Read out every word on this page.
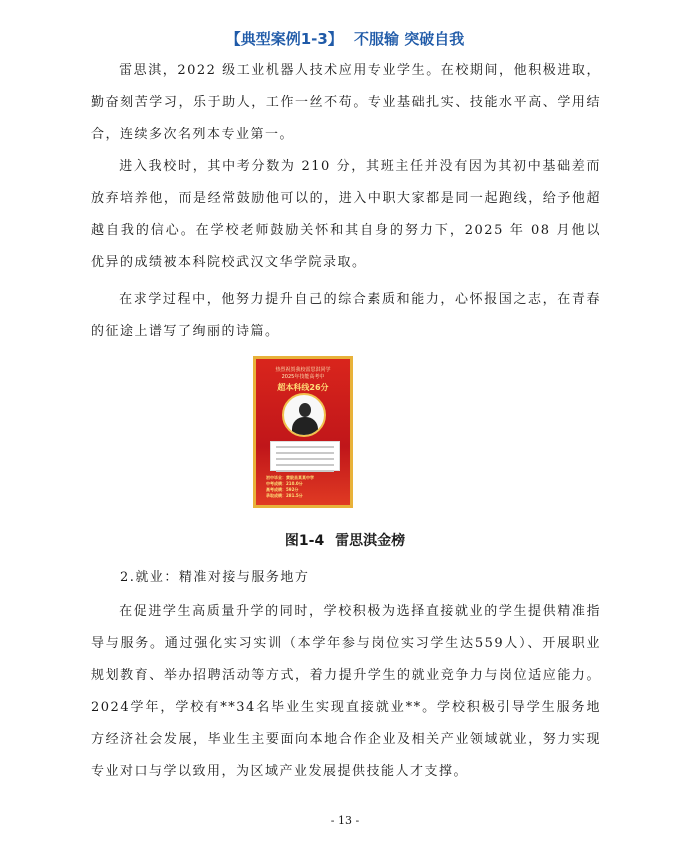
【典型案例1-3】 不服输 突破自我

雷思淇，2022 级工业机器人技术应用专业学生。在校期间，他积极进取，勤奋刻苦学习，乐于助人，工作一丝不苟。专业基础扎实、技能水平高、学用结合，连续多次名列本专业第一。

进入我校时，其中考分数为 210 分，其班主任并没有因为其初中基础差而放弃培养他，而是经常鼓励他可以的，进入中职大家都是同一起跑线，给予他超越自我的信心。在学校老师鼓励关怀和其自身的努力下，2025 年 08 月他以优异的成绩被本科院校武汉文华学院录取。

在求学过程中，他努力提升自己的综合素质和能力，心怀报国之志，在青春的征途上谱写了绚丽的诗篇。

热烈祝贺我校雷思淇同学
2025年技能高考中
超本科线26分
初中毕业：黄陂县某某中学
中考成绩：210.0分
高考成绩：592分
录取成绩：281.5分
图1-4 雷思淇金榜
2.就业：精准对接与服务地方

在促进学生高质量升学的同时，学校积极为选择直接就业的学生提供精准指导与服务。通过强化实习实训（本学年参与岗位实习学生达559人）、开展职业规划教育、举办招聘活动等方式，着力提升学生的就业竞争力与岗位适应能力。2024学年，学校有**34名毕业生实现直接就业**。学校积极引导学生服务地方经济社会发展，毕业生主要面向本地合作企业及相关产业领域就业，努力实现专业对口与学以致用，为区域产业发展提供技能人才支撑。

- 13 -
